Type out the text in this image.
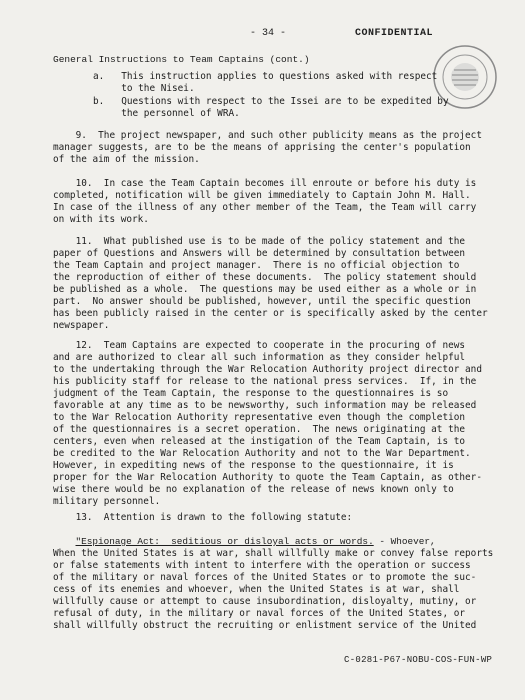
- 34 -	CONFIDENTIAL
General Instructions to Team Captains (cont.)
a.   This instruction applies to questions asked with respect
to the Nisei.
b.   Questions with respect to the Issei are to be expedited by
the personnel of WRA.
9.  The project newspaper, and such other publicity means as the project
manager suggests, are to be the means of apprising the center's population
of the aim of the mission.
10.  In case the Team Captain becomes ill enroute or before his duty is
completed, notification will be given immediately to Captain John M. Hall.
In case of the illness of any other member of the Team, the Team will carry
on with its work.
11.  What published use is to be made of the policy statement and the
paper of Questions and Answers will be determined by consultation between
the Team Captain and project manager.  There is no official objection to
the reproduction of either of these documents.  The policy statement should
be published as a whole.  The questions may be used either as a whole or in
part.  No answer should be published, however, until the specific question
has been publicly raised in the center or is specifically asked by the center
newspaper.
12.  Team Captains are expected to cooperate in the procuring of news
and are authorized to clear all such information as they consider helpful
to the undertaking through the War Relocation Authority project director and
his publicity staff for release to the national press services.  If, in the
judgment of the Team Captain, the response to the questionnaires is so
favorable at any time as to be newsworthy, such information may be released
to the War Relocation Authority representative even though the completion
of the questionnaires is a secret operation.  The news originating at the
centers, even when released at the instigation of the Team Captain, is to
be credited to the War Relocation Authority and not to the War Department.
However, in expediting news of the response to the questionnaire, it is
proper for the War Relocation Authority to quote the Team Captain, as other-
wise there would be no explanation of the release of news known only to
military personnel.
13.  Attention is drawn to the following statute:
"Espionage Act:  seditious or disloyal acts or words. - Whoever,
When the United States is at war, shall willfully make or convey false reports
or false statements with intent to interfere with the operation or success
of the military or naval forces of the United States or to promote the suc-
cess of its enemies and whoever, when the United States is at war, shall
willfully cause or attempt to cause insubordination, disloyalty, mutiny, or
refusal of duty, in the military or naval forces of the United States, or
shall willfully obstruct the recruiting or enlistment service of the United
C-0281-P67-NOBU-COS-FUN-WP
